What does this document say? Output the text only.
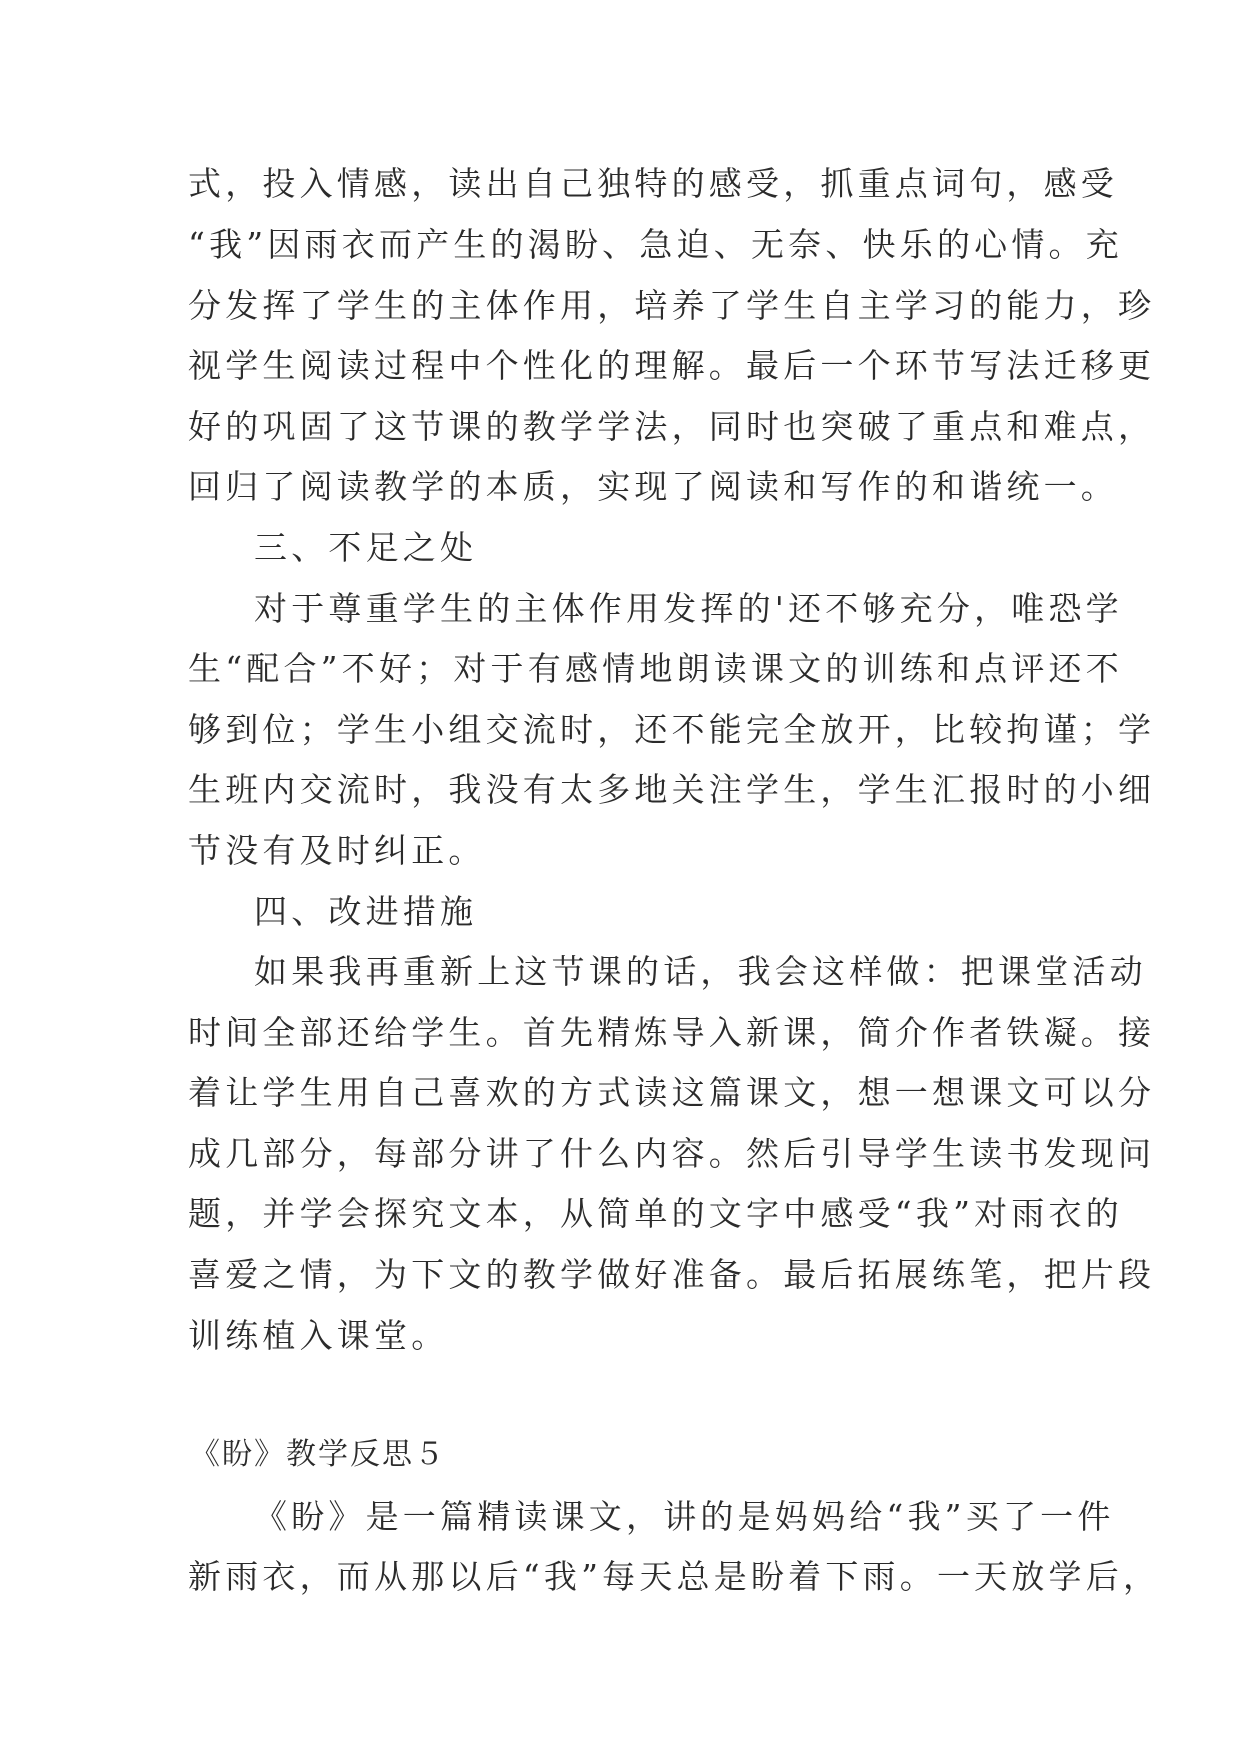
式，投入情感，读出自己独特的感受，抓重点词句，感受
“我”因雨衣而产生的渴盼、急迫、无奈、快乐的心情。充
分发挥了学生的主体作用，培养了学生自主学习的能力，珍
视学生阅读过程中个性化的理解。最后一个环节写法迁移更
好的巩固了这节课的教学学法，同时也突破了重点和难点，
回归了阅读教学的本质，实现了阅读和写作的和谐统一。
三、不足之处
对于尊重学生的主体作用发挥的'还不够充分，唯恐学
生“配合”不好；对于有感情地朗读课文的训练和点评还不
够到位；学生小组交流时，还不能完全放开，比较拘谨；学
生班内交流时，我没有太多地关注学生，学生汇报时的小细
节没有及时纠正。
四、改进措施
如果我再重新上这节课的话，我会这样做：把课堂活动
时间全部还给学生。首先精炼导入新课，简介作者铁凝。接
着让学生用自己喜欢的方式读这篇课文，想一想课文可以分
成几部分，每部分讲了什么内容。然后引导学生读书发现问
题，并学会探究文本，从简单的文字中感受“我”对雨衣的
喜爱之情，为下文的教学做好准备。最后拓展练笔，把片段
训练植入课堂。
《盼》教学反思５
《盼》是一篇精读课文，讲的是妈妈给“我”买了一件
新雨衣，而从那以后“我”每天总是盼着下雨。一天放学后，
